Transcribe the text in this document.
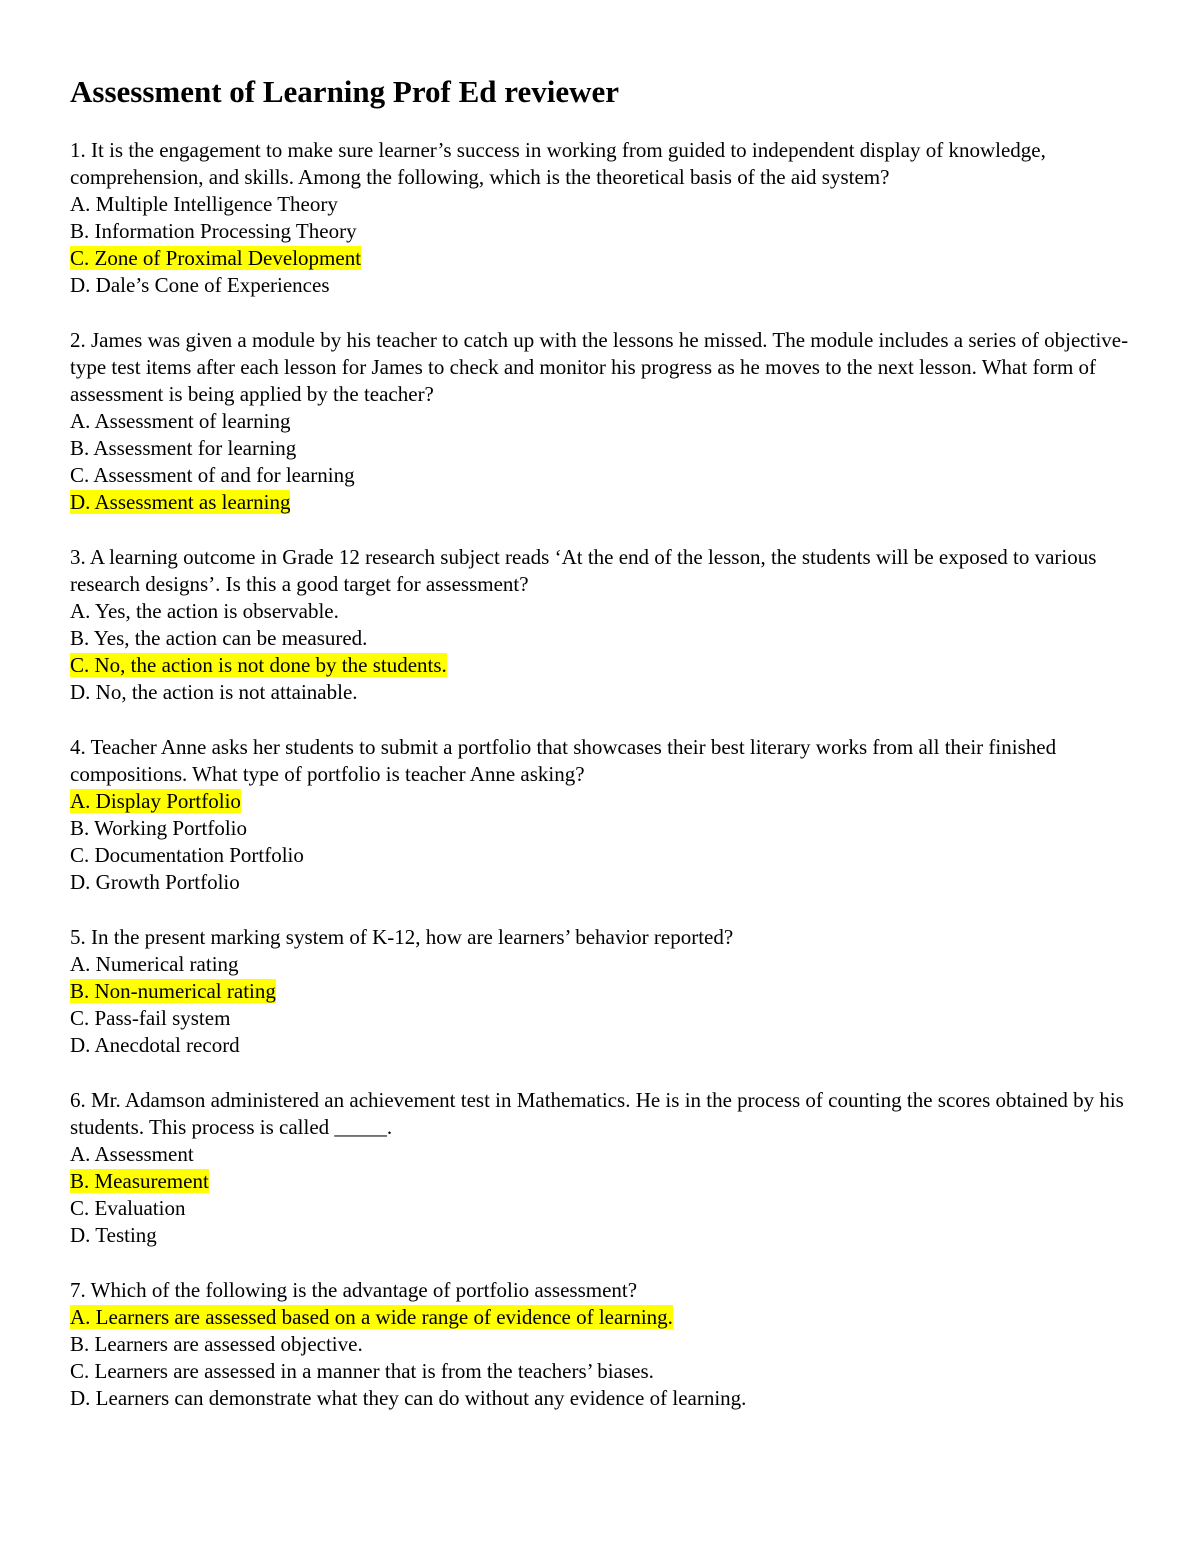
Assessment of Learning Prof Ed reviewer

1. It is the engagement to make sure learner’s success in working from guided to independent display of knowledge, comprehension, and skills. Among the following, which is the theoretical basis of the aid system?

A. Multiple Intelligence Theory

B. Information Processing Theory

C. Zone of Proximal Development

D. Dale’s Cone of Experiences

2. James was given a module by his teacher to catch up with the lessons he missed. The module includes a series of objective-type test items after each lesson for James to check and monitor his progress as he moves to the next lesson. What form of assessment is being applied by the teacher?

A. Assessment of learning

B. Assessment for learning

C. Assessment of and for learning

D. Assessment as learning

3. A learning outcome in Grade 12 research subject reads ‘At the end of the lesson, the students will be exposed to various research designs’. Is this a good target for assessment?

A. Yes, the action is observable.

B. Yes, the action can be measured.

C. No, the action is not done by the students.

D. No, the action is not attainable.

4. Teacher Anne asks her students to submit a portfolio that showcases their best literary works from all their finished compositions. What type of portfolio is teacher Anne asking?

A. Display Portfolio

B. Working Portfolio

C. Documentation Portfolio

D. Growth Portfolio

5. In the present marking system of K-12, how are learners’ behavior reported?

A. Numerical rating

B. Non-numerical rating

C. Pass-fail system

D. Anecdotal record

6. Mr. Adamson administered an achievement test in Mathematics. He is in the process of counting the scores obtained by his students. This process is called _____.

A. Assessment

B. Measurement

C. Evaluation

D. Testing

7. Which of the following is the advantage of portfolio assessment?

A. Learners are assessed based on a wide range of evidence of learning.

B. Learners are assessed objective.

C. Learners are assessed in a manner that is from the teachers’ biases.

D. Learners can demonstrate what they can do without any evidence of learning.
